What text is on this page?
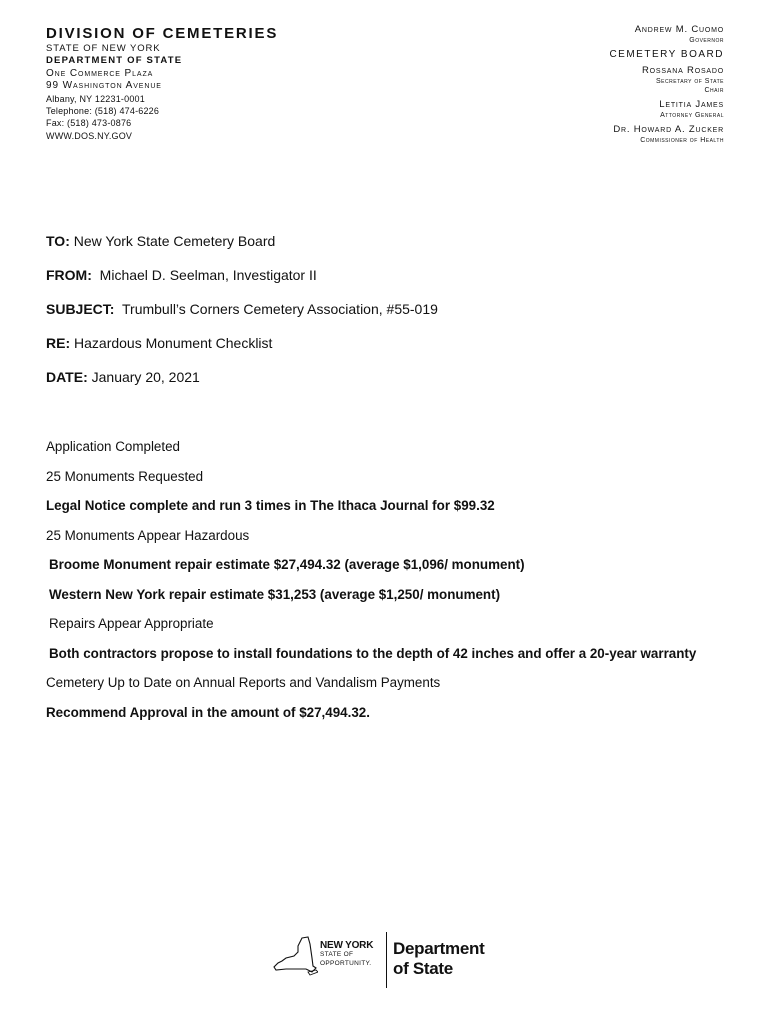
DIVISION OF CEMETERIES
STATE OF NEW YORK
DEPARTMENT OF STATE
One Commerce Plaza
99 Washington Avenue
Albany, NY 12231-0001
Telephone: (518) 474-6226
Fax: (518) 473-0876
WWW.DOS.NY.GOV
Andrew M. Cuomo
Governor
CEMETERY BOARD
Rossana Rosado
Secretary of State
Chair
Letitia James
Attorney General
Dr. Howard A. Zucker
Commissioner of Health
TO: New York State Cemetery Board
FROM: Michael D. Seelman, Investigator II
SUBJECT: Trumbull’s Corners Cemetery Association, #55-019
RE: Hazardous Monument Checklist
DATE: January 20, 2021
Application Completed
25 Monuments Requested
Legal Notice complete and run 3 times in The Ithaca Journal for $99.32
25 Monuments Appear Hazardous
Broome Monument repair estimate $27,494.32 (average $1,096/ monument)
Western New York repair estimate $31,253 (average $1,250/ monument)
Repairs Appear Appropriate
Both contractors propose to install foundations to the depth of 42 inches and offer a 20-year warranty
Cemetery Up to Date on Annual Reports and Vandalism Payments
Recommend Approval in the amount of $27,494.32.
NEW YORK
STATE OF
OPPORTUNITY.
Department
of State
